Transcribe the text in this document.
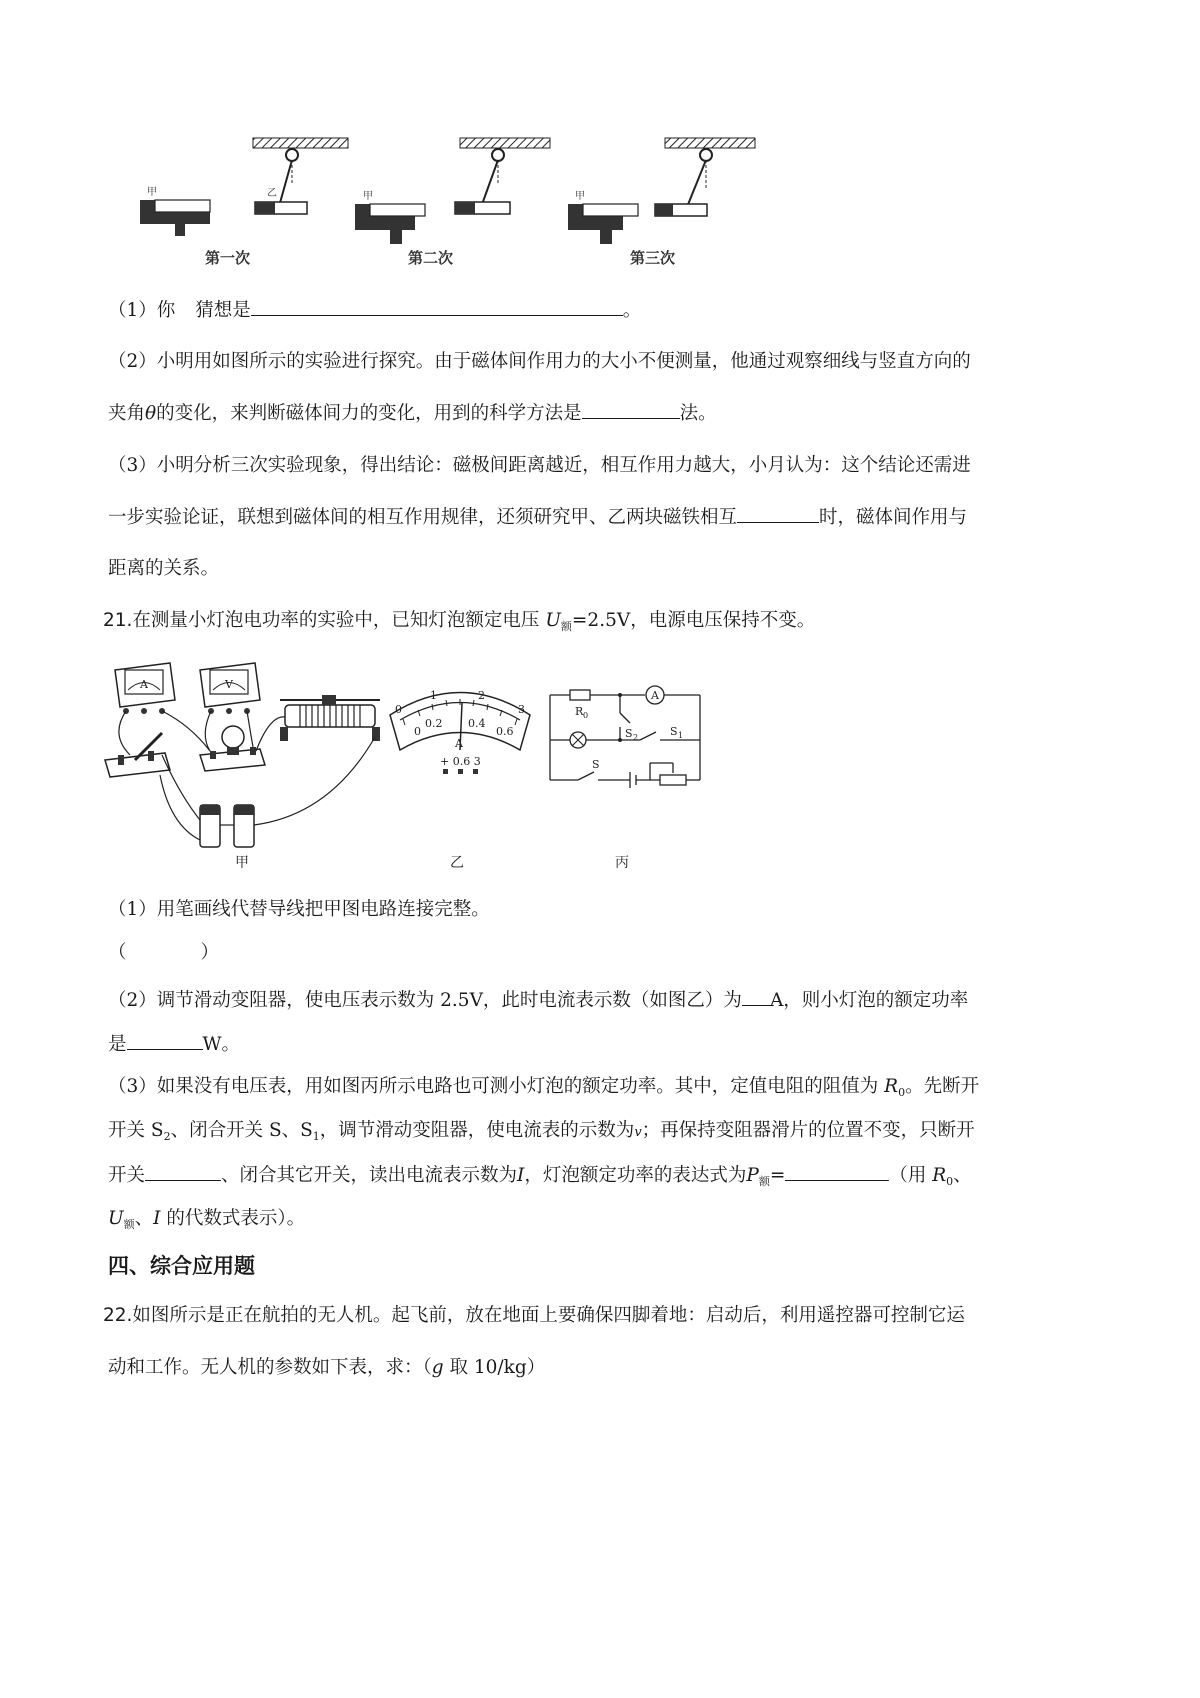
乙
甲	甲	甲
第一次	第二次	第三次
（1）你 猜想是	。
（2）小明用如图所示的实验进行探究。由于磁体间作用力的大小不便测量，他通过观察细线与竖直方向的
夹角θ的变化，来判断磁体间力的变化，用到的科学方法是	法。
（3）小明分析三次实验现象，得出结论：磁极间距离越近，相互作用力越大，小月认为：这个结论还需进
一步实验论证，联想到磁体间的相互作用规律，还须研究甲、乙两块磁铁相互	时，磁体间作用与
距离的关系。
21.在测量小灯泡电功率的实验中，已知灯泡额定电压 $U_额=2.5V$，电源电压保持不变。
A	V
甲
0
1	2
3
0
0.2 0.4
0.6
A
+ 0.6 3
乙
A
R 0
S 2	S 1
S
丙
（1）用笔画线代替导线把甲图电路连接完整。
（　　　　）
（2）调节滑动变阻器，使电压表示数为 2.5V，此时电流表示数（如图乙）为 A，则小灯泡的额定功率
是	W。
（3）如果没有电压表，用如图丙所示电路也可测小灯泡的额定功率。其中，定值电阻的阻值为 $R_0$。先断开
开关 $S_2$、闭合开关 S、$S_1$，调节滑动变阻器，使电流表的示数为v；再保持变阻器滑片的位置不变，只断开
开关	、闭合其它开关，读出电流表示数为I，灯泡额定功率的表达式为$P_额=$	（用 $R_0$、
$U_额$、I 的代数式表示）。
四、综合应用题
22.如图所示是正在航拍的无人机。起飞前，放在地面上要确保四脚着地：启动后，利用遥控器可控制它运
动和工作。无人机的参数如下表，求：（g 取 10/kg）
